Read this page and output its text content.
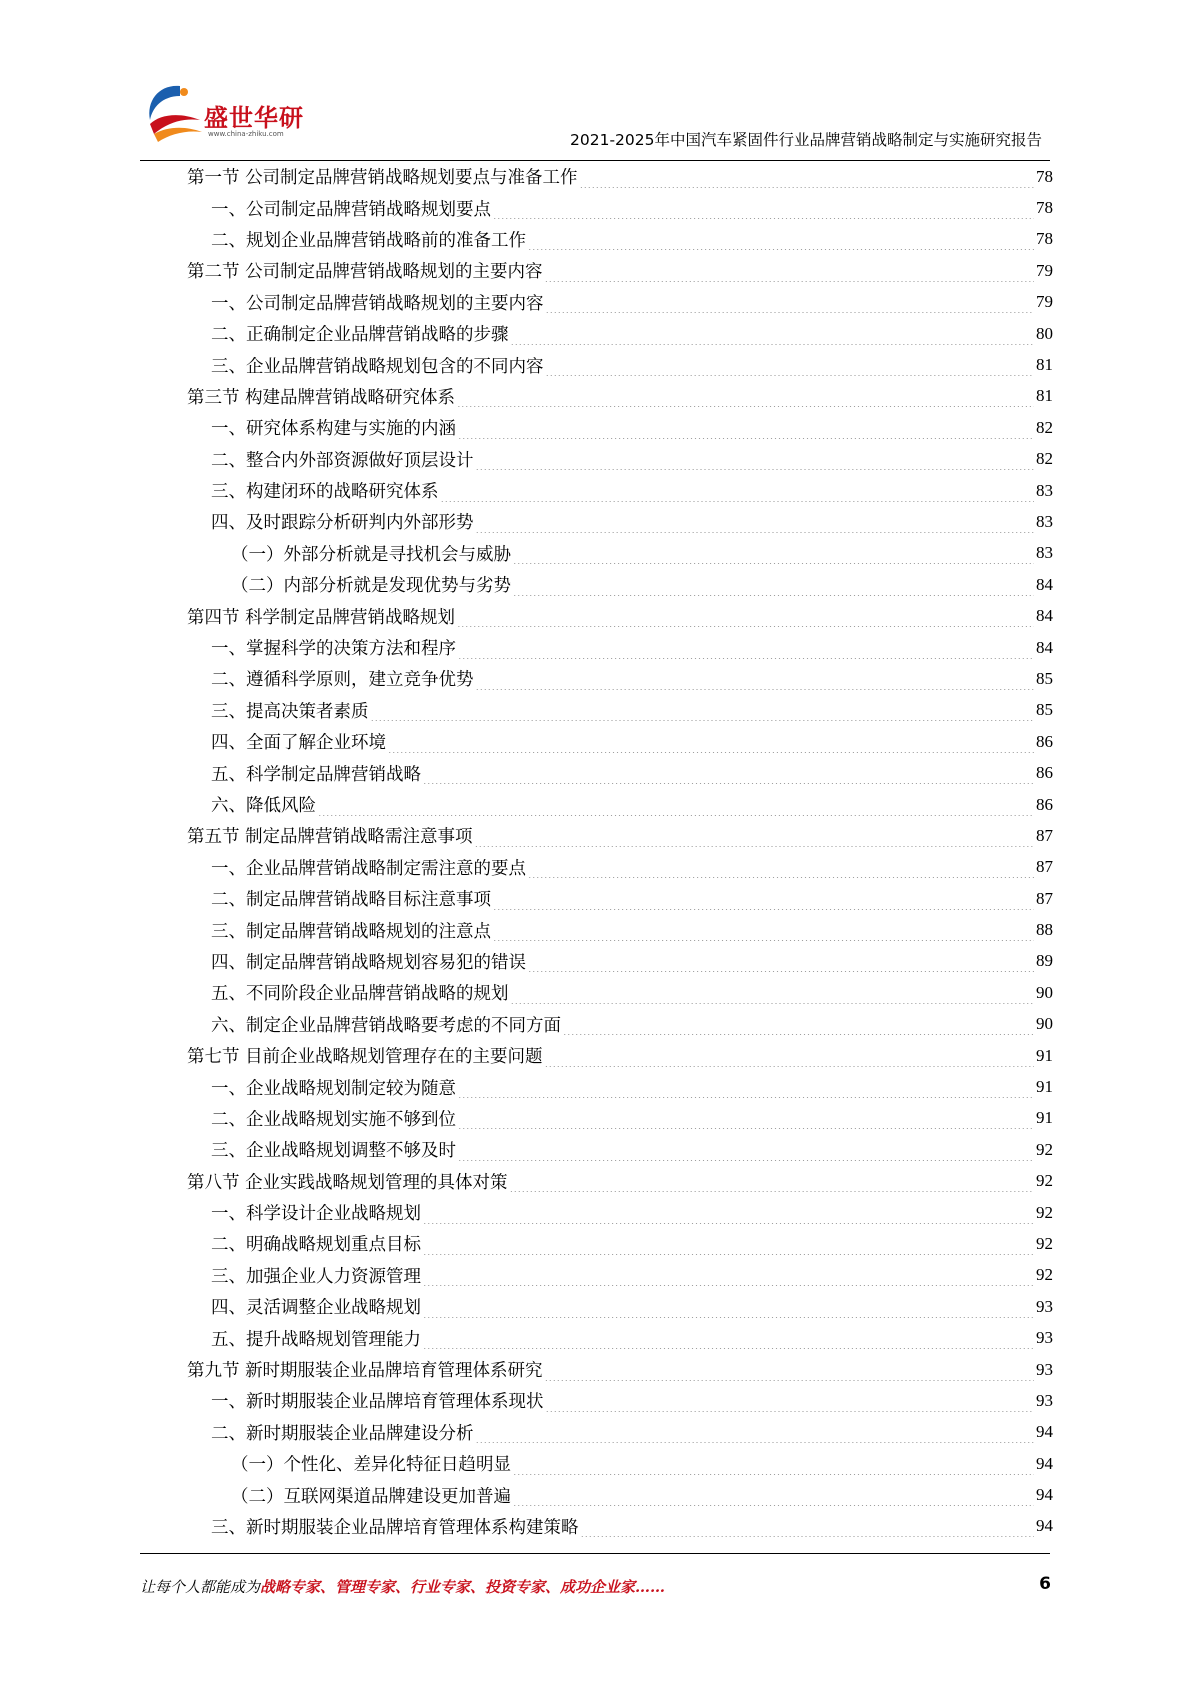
盛世华研
www.china-zhiku.com	2021-2025年中国汽车紧固件行业品牌营销战略制定与实施研究报告
第一节 公司制定品牌营销战略规划要点与准备工作 .....	78
一、公司制定品牌营销战略规划要点 .....	78
二、规划企业品牌营销战略前的准备工作 .....	78
第二节 公司制定品牌营销战略规划的主要内容 .....	79
一、公司制定品牌营销战略规划的主要内容 .....	79
二、正确制定企业品牌营销战略的步骤 .....	80
三、企业品牌营销战略规划包含的不同内容 .....	81
第三节 构建品牌营销战略研究体系 .....	81
一、研究体系构建与实施的内涵 .....	82
二、整合内外部资源做好顶层设计 .....	82
三、构建闭环的战略研究体系 .....	83
四、及时跟踪分析研判内外部形势 .....	83
（一）外部分析就是寻找机会与威胁 .....	83
（二）内部分析就是发现优势与劣势 .....	84
第四节 科学制定品牌营销战略规划 .....	84
一、掌握科学的决策方法和程序 .....	84
二、遵循科学原则，建立竞争优势 .....	85
三、提高决策者素质 .....	85
四、全面了解企业环境 .....	86
五、科学制定品牌营销战略 .....	86
六、降低风险 .....	86
第五节 制定品牌营销战略需注意事项 .....	87
一、企业品牌营销战略制定需注意的要点 .....	87
二、制定品牌营销战略目标注意事项 .....	87
三、制定品牌营销战略规划的注意点 .....	88
四、制定品牌营销战略规划容易犯的错误 .....	89
五、不同阶段企业品牌营销战略的规划 .....	90
六、制定企业品牌营销战略要考虑的不同方面 .....	90
第七节 目前企业战略规划管理存在的主要问题 .....	91
一、企业战略规划制定较为随意 .....	91
二、企业战略规划实施不够到位 .....	91
三、企业战略规划调整不够及时 .....	92
第八节 企业实践战略规划管理的具体对策 .....	92
一、科学设计企业战略规划 .....	92
二、明确战略规划重点目标 .....	92
三、加强企业人力资源管理 .....	92
四、灵活调整企业战略规划 .....	93
五、提升战略规划管理能力 .....	93
第九节 新时期服装企业品牌培育管理体系研究 .....	93
一、新时期服装企业品牌培育管理体系现状 .....	93
二、新时期服装企业品牌建设分析 .....	94
（一）个性化、差异化特征日趋明显 .....	94
（二）互联网渠道品牌建设更加普遍 .....	94
三、新时期服装企业品牌培育管理体系构建策略 .....	94
让每个人都能成为战略专家、管理专家、行业专家、投资专家、成功企业家……	6
